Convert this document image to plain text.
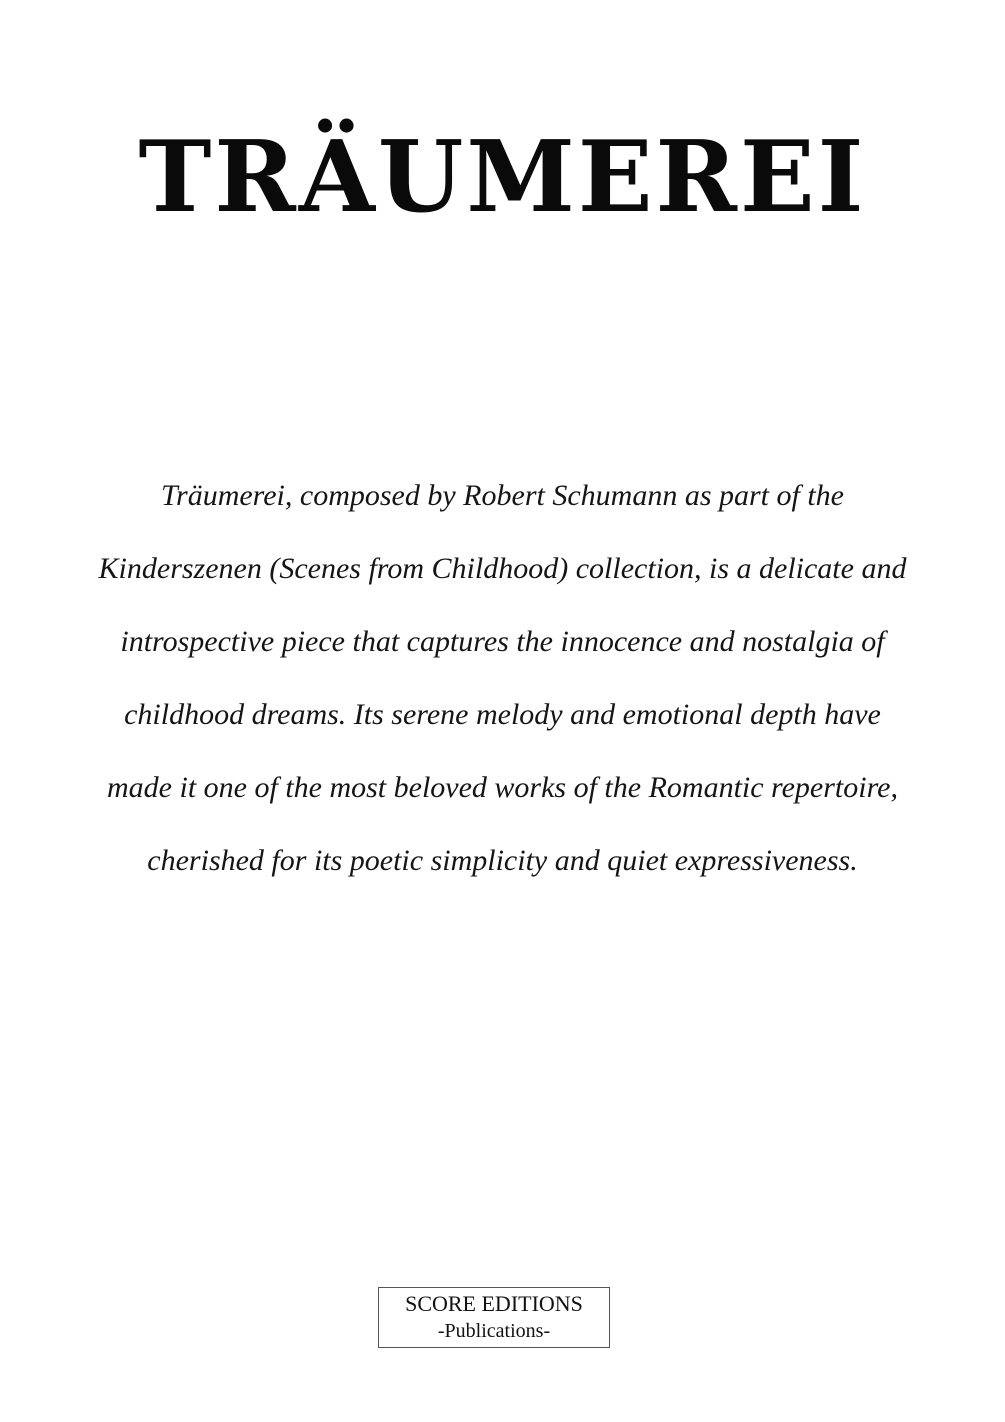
TRÄUMEREI
Träumerei, composed by Robert Schumann as part of the
Kinderszenen (Scenes from Childhood) collection, is a delicate and
introspective piece that captures the innocence and nostalgia of
childhood dreams. Its serene melody and emotional depth have
made it one of the most beloved works of the Romantic repertoire,
cherished for its poetic simplicity and quiet expressiveness.
SCORE EDITIONS
-Publications-
